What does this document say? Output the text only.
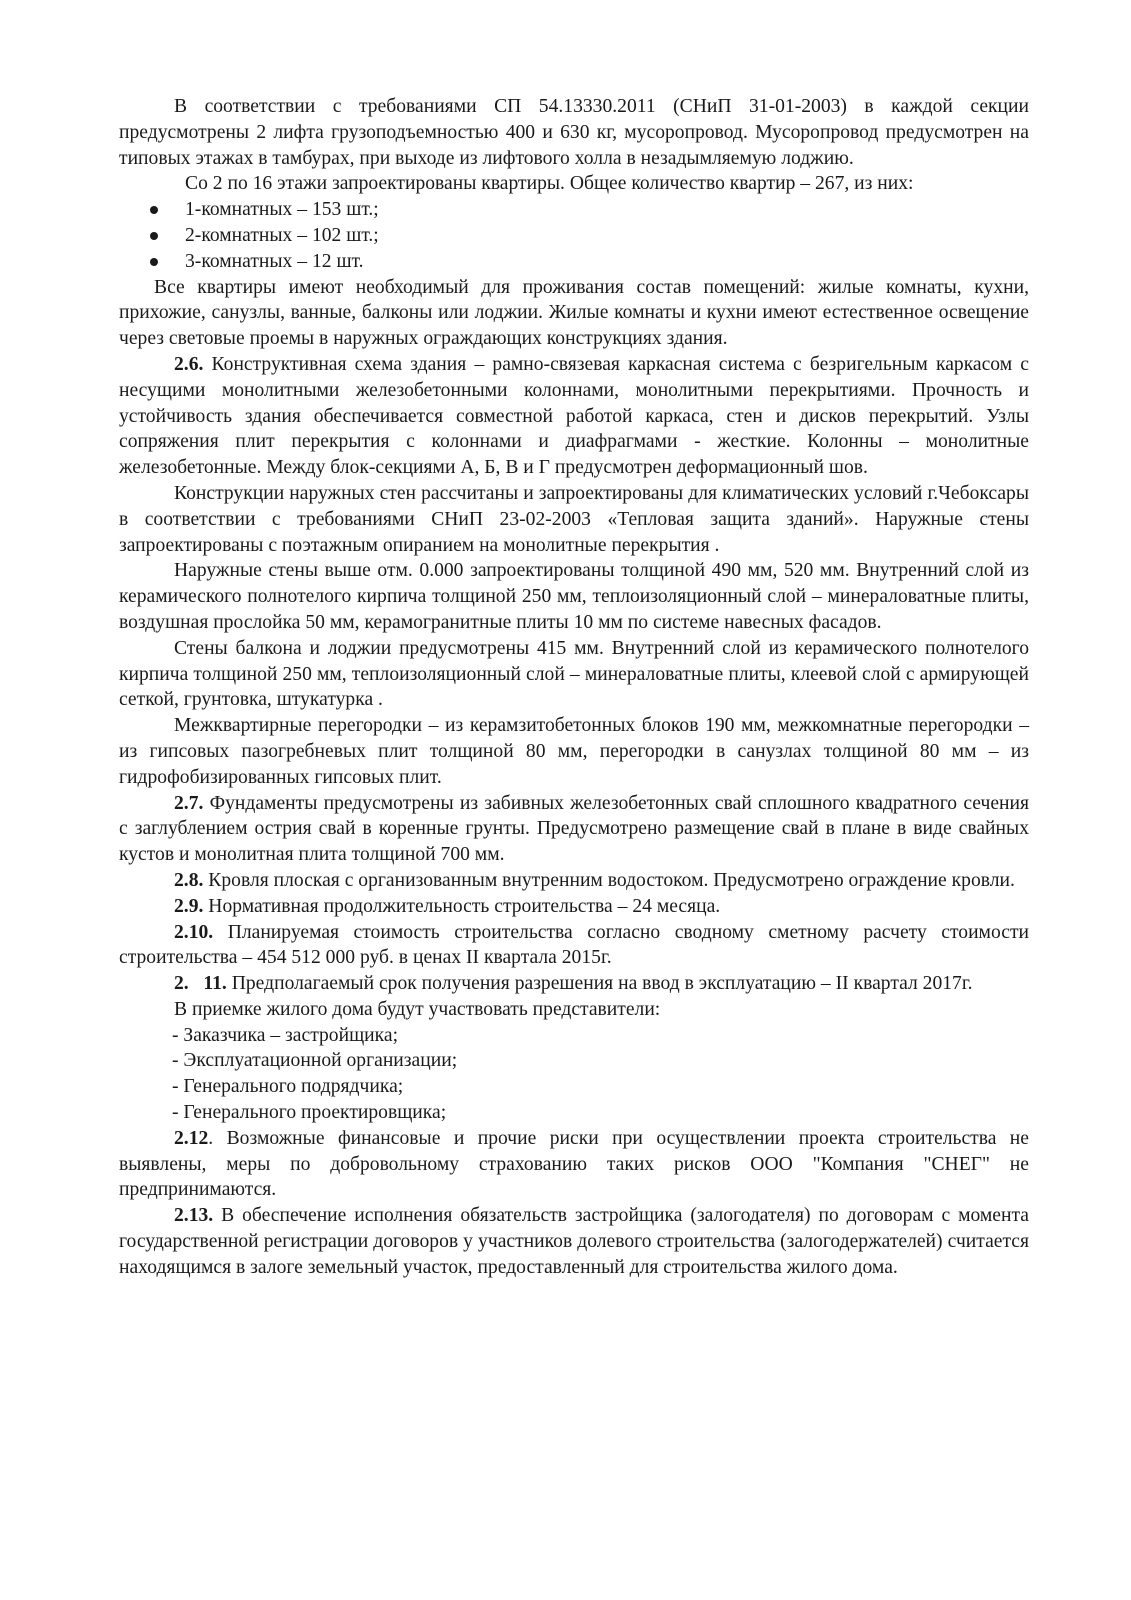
В соответствии с требованиями СП 54.13330.2011 (СНиП 31-01-2003) в каждой секции предусмотрены 2 лифта грузоподъемностью 400 и 630 кг, мусоропровод. Мусоропровод предусмотрен на типовых этажах в тамбурах, при выходе из лифтового холла в незадымляемую лоджию.

Со 2 по 16 этажи запроектированы квартиры. Общее количество квартир – 267, из них:

1-комнатных – 153 шт.;
2-комнатных – 102 шт.;
3-комнатных – 12 шт.

Все квартиры имеют необходимый для проживания состав помещений: жилые комнаты, кухни, прихожие, санузлы, ванные, балконы или лоджии. Жилые комнаты и кухни имеют естественное освещение через световые проемы в наружных ограждающих конструкциях здания.

2.6. Конструктивная схема здания – рамно-связевая каркасная система с безригельным каркасом с несущими монолитными железобетонными колоннами, монолитными перекрытиями. Прочность и устойчивость здания обеспечивается совместной работой каркаса, стен и дисков перекрытий. Узлы сопряжения плит перекрытия с колоннами и диафрагмами - жесткие. Колонны – монолитные железобетонные. Между блок-секциями А, Б, В и Г предусмотрен деформационный шов.

Конструкции наружных стен рассчитаны и запроектированы для климатических условий г.Чебоксары в соответствии с требованиями СНиП 23-02-2003 «Тепловая защита зданий». Наружные стены запроектированы с поэтажным опиранием на монолитные перекрытия .

Наружные стены выше отм. 0.000 запроектированы толщиной 490 мм, 520 мм. Внутренний слой из керамического полнотелого кирпича толщиной 250 мм, теплоизоляционный слой – минераловатные плиты, воздушная прослойка 50 мм, керамогранитные плиты 10 мм по системе навесных фасадов.

Стены балкона и лоджии предусмотрены 415 мм. Внутренний слой из керамического полнотелого кирпича толщиной 250 мм, теплоизоляционный слой – минераловатные плиты, клеевой слой с армирующей сеткой, грунтовка, штукатурка .

Межквартирные перегородки – из керамзитобетонных блоков 190 мм, межкомнатные перегородки – из гипсовых пазогребневых плит толщиной 80 мм, перегородки в санузлах толщиной 80 мм – из гидрофобизированных гипсовых плит.

2.7. Фундаменты предусмотрены из забивных железобетонных свай сплошного квадратного сечения с заглублением острия свай в коренные грунты. Предусмотрено размещение свай в плане в виде свайных кустов и монолитная плита толщиной 700 мм.

2.8. Кровля плоская с организованным внутренним водостоком. Предусмотрено ограждение кровли.

2.9. Нормативная продолжительность строительства – 24 месяца.

2.10. Планируемая стоимость строительства согласно сводному сметному расчету стоимости строительства – 454 512 000 руб. в ценах II квартала 2015г.

2. 11. Предполагаемый срок получения разрешения на ввод в эксплуатацию – II квартал 2017г.

В приемке жилого дома будут участвовать представители:

- Заказчика – застройщика;

- Эксплуатационной организации;

- Генерального подрядчика;

- Генерального проектировщика;

2.12. Возможные финансовые и прочие риски при осуществлении проекта строительства не выявлены, меры по добровольному страхованию таких рисков ООО "Компания "СНЕГ" не предпринимаются.

2.13. В обеспечение исполнения обязательств застройщика (залогодателя) по договорам с момента государственной регистрации договоров у участников долевого строительства (залогодержателей) считается находящимся в залоге земельный участок, предоставленный для строительства жилого дома.
